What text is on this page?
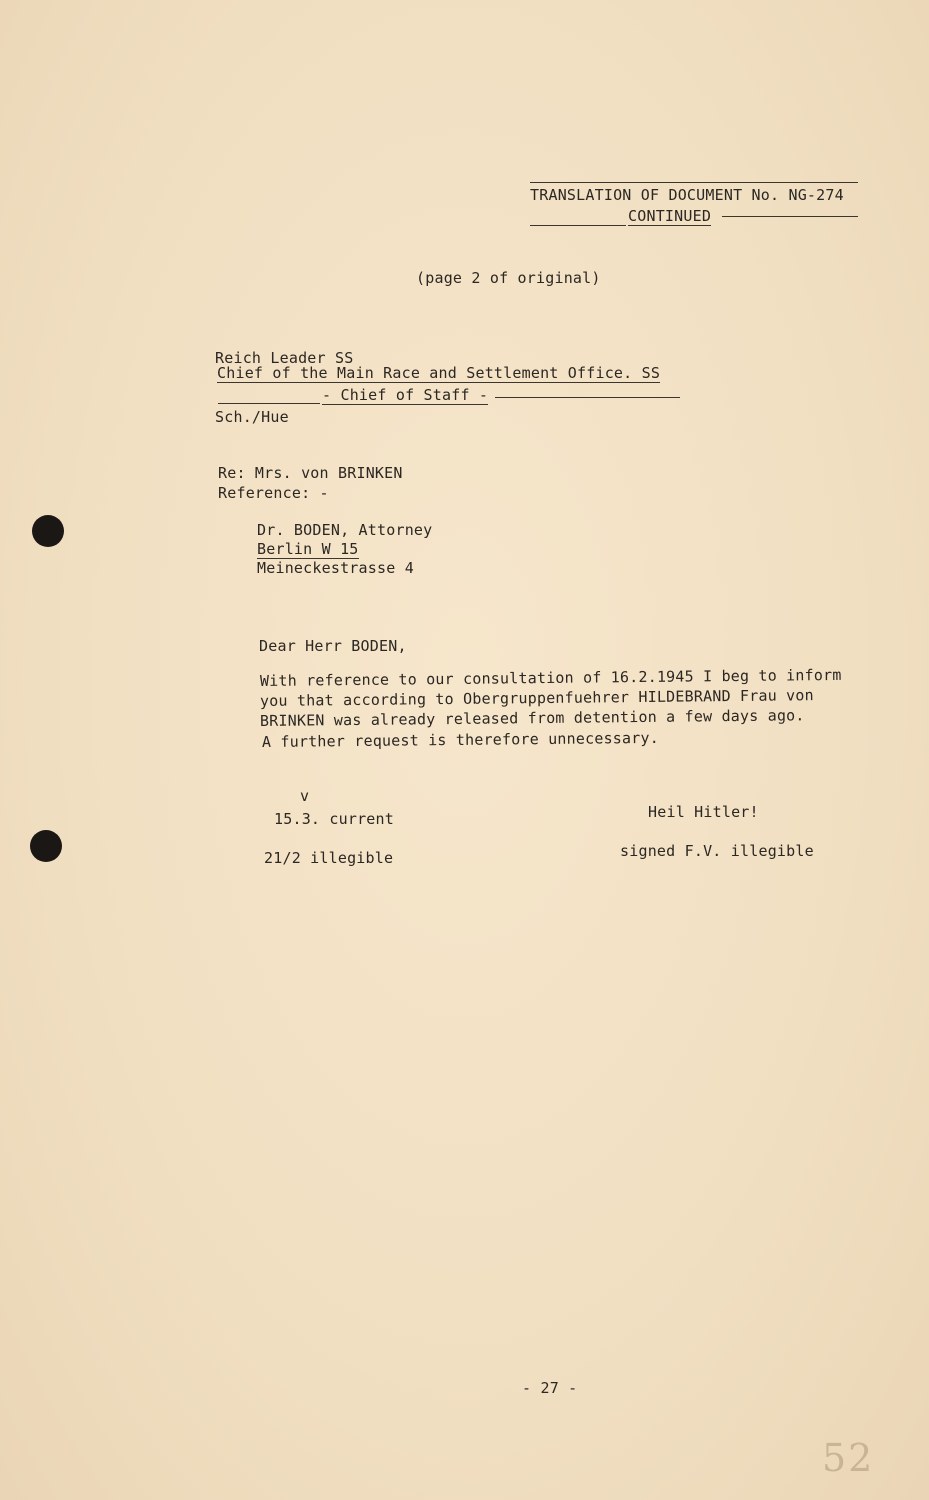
TRANSLATION OF DOCUMENT No. NG-274
CONTINUED
(page 2 of original)
Reich Leader SS
Chief of the Main Race and Settlement Office. SS
- Chief of Staff -
Sch./Hue
Re: Mrs. von BRINKEN
Reference: -
Dr. BODEN, Attorney
Berlin W 15
Meineckestrasse 4
Dear Herr BODEN,
With reference to our consultation of 16.2.1945 I beg to inform
you that according to Obergruppenfuehrer HILDEBRAND Frau von
BRINKEN was already released from detention a few days ago.
A further request is therefore unnecessary.
v
15.3. current
21/2 illegible
Heil Hitler!
signed F.V. illegible
- 27 -
52
